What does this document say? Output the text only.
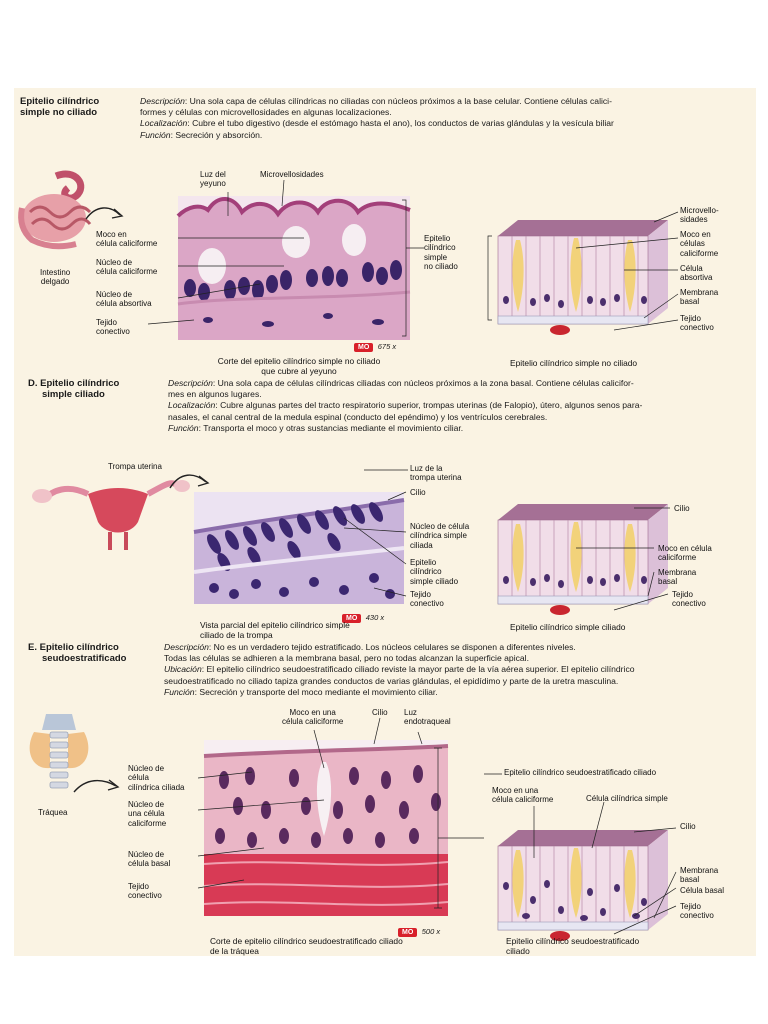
Epitelio cilíndrico
simple no ciliado
Descripción: Una sola capa de células cilíndricas no ciliadas con núcleos próximos a la base celular. Contiene células calici-
formes y células con microvellosidades en algunas localizaciones.
Localización: Cubre el tubo digestivo (desde el estómago hasta el ano), los conductos de varias glándulas y la vesícula biliar
Función: Secreción y absorción.
Intestino
delgado
Luz del
yeyuno
Microvellosidades
Moco en
célula caliciforme
Núcleo de
célula caliciforme
Núcleo de
célula absortiva
Tejido
conectivo
MO 675 x
Epitelio
cilíndrico
simple
no ciliado
Corte del epitelio cilíndrico simple no ciliado
que cubre al yeyuno
Microvello-
sidades
Moco en
células
caliciforme
Célula
absortiva
Membrana
basal
Tejido
conectivo
Epitelio cilíndrico simple no ciliado
D. Epitelio cilíndrico
simple ciliado
Descripción: Una sola capa de células cilíndricas ciliadas con núcleos próximos a la zona basal. Contiene células calicifor-
mes en algunos lugares.
Localización: Cubre algunas partes del tracto respiratorio superior, trompas uterinas (de Falopio), útero, algunos senos para-
nasales, el canal central de la medula espinal (conducto del epéndimo) y los ventrículos cerebrales.
Función: Transporta el moco y otras sustancias mediante el movimiento ciliar.
Trompa uterina	Luz de la
trompa uterina
Cilio
Núcleo de célula
cilíndrica simple
ciliada
Epitelio
cilíndrico
simple ciliado
Tejido
conectivo
MO 430 x
Vista parcial del epitelio cilíndrico simple
ciliado de la trompa
Cilio
Moco en célula
caliciforme
Membrana
basal
Tejido
conectivo
Epitelio cilíndrico simple ciliado
E. Epitelio cilíndrico
seudoestratificado
Descripción: No es un verdadero tejido estratificado. Los núcleos celulares se disponen a diferentes niveles.
Todas las células se adhieren a la membrana basal, pero no todas alcanzan la superficie apical.
Ubicación: El epitelio cilíndrico seudoestratificado ciliado reviste la mayor parte de la vía aérea superior. El epitelio cilíndrico
seudoestratificado no ciliado tapiza grandes conductos de varias glándulas, el epidídimo y parte de la uretra masculina.
Función: Secreción y transporte del moco mediante el movimiento ciliar.
Tráquea
Moco en una
célula caliciforme
Cilio Luz
endotraqueal
Núcleo de
célula
cilíndrica ciliada
Núcleo de
una célula
caliciforme
Núcleo de
célula basal
Tejido
conectivo
MO 500 x
Corte de epitelio cilíndrico seudoestratificado ciliado
de la tráquea
Epitelio cilíndrico seudoestratificado ciliado
Moco en una
célula caliciforme	Célula cilíndrica simple
Cilio
Membrana
basal
Célula basal
Tejido
conectivo
Epitelio cilíndrico seudoestratificado
ciliado
